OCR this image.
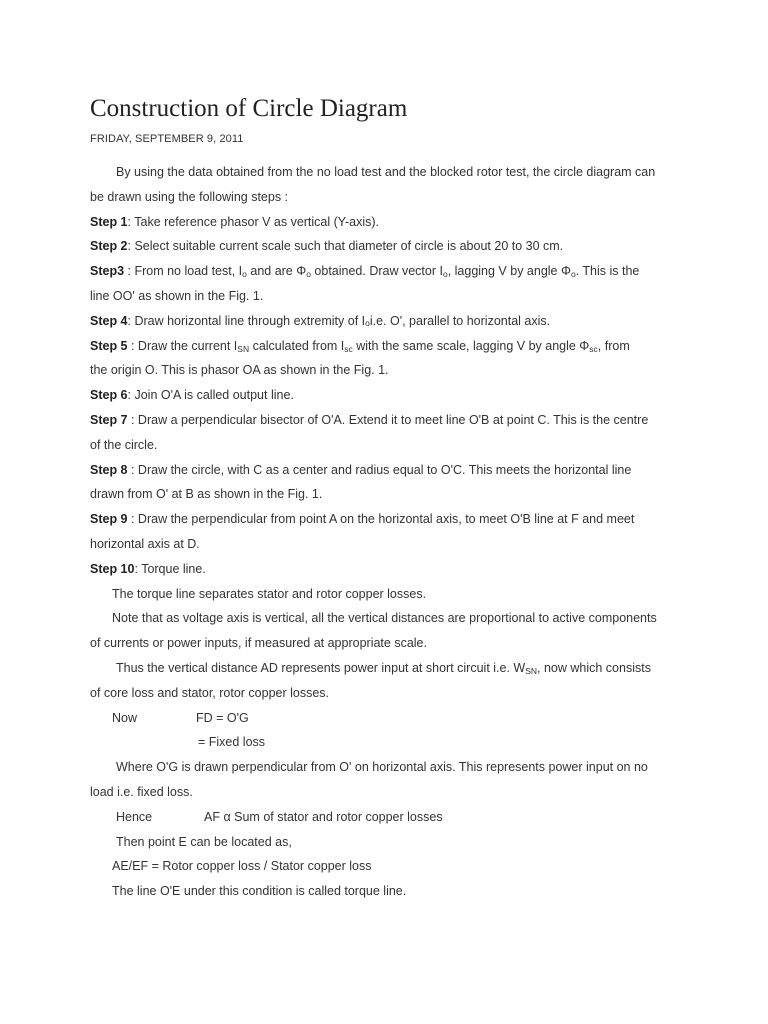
Construction of Circle Diagram
FRIDAY, SEPTEMBER 9, 2011
By using the data obtained from the no load test and the blocked rotor test, the circle diagram can
be drawn using the following steps :
Step 1 : Take reference phasor V as vertical (Y-axis).
Step 2 : Select suitable current scale such that diameter of circle is about 20 to 30 cm.
Step3 : From no load test, Io and are Φo obtained. Draw vector Io, lagging V by angle Φo. This is the
line OO' as shown in the Fig. 1.
Step 4 : Draw horizontal line through extremity of I o i.e. O', parallel to horizontal axis.
Step 5 : Draw the current ISN calculated from Isc with the same scale, lagging V by angle Φsc, from
the origin O. This is phasor OA as shown in the Fig. 1.
Step 6 : Join O'A is called output line.
Step 7 : Draw a perpendicular bisector of O'A. Extend it to meet line O'B at point C. This is the centre
of the circle.
Step 8 : Draw the circle, with C as a center and radius equal to O'C. This meets the horizontal line
drawn from O' at B as shown in the Fig. 1.
Step 9 : Draw the perpendicular from point A on the horizontal axis, to meet O'B line at F and meet
horizontal axis at D.
Step 10 : Torque line.
The torque line separates stator and rotor copper losses.
Note that as voltage axis is vertical, all the vertical distances are proportional to active components
of currents or power inputs, if measured at appropriate scale.
Thus the vertical distance AD represents power input at short circuit i.e. WSN, now which consists
of core loss and stator, rotor copper losses.
Now	FD = O'G
= Fixed loss
Where O'G is drawn perpendicular from O' on horizontal axis. This represents power input on no
load i.e. fixed loss.
Hence	AF α Sum of stator and rotor copper losses
Then point E can be located as,
AE/EF = Rotor copper loss / Stator copper loss
The line O'E under this condition is called torque line.
